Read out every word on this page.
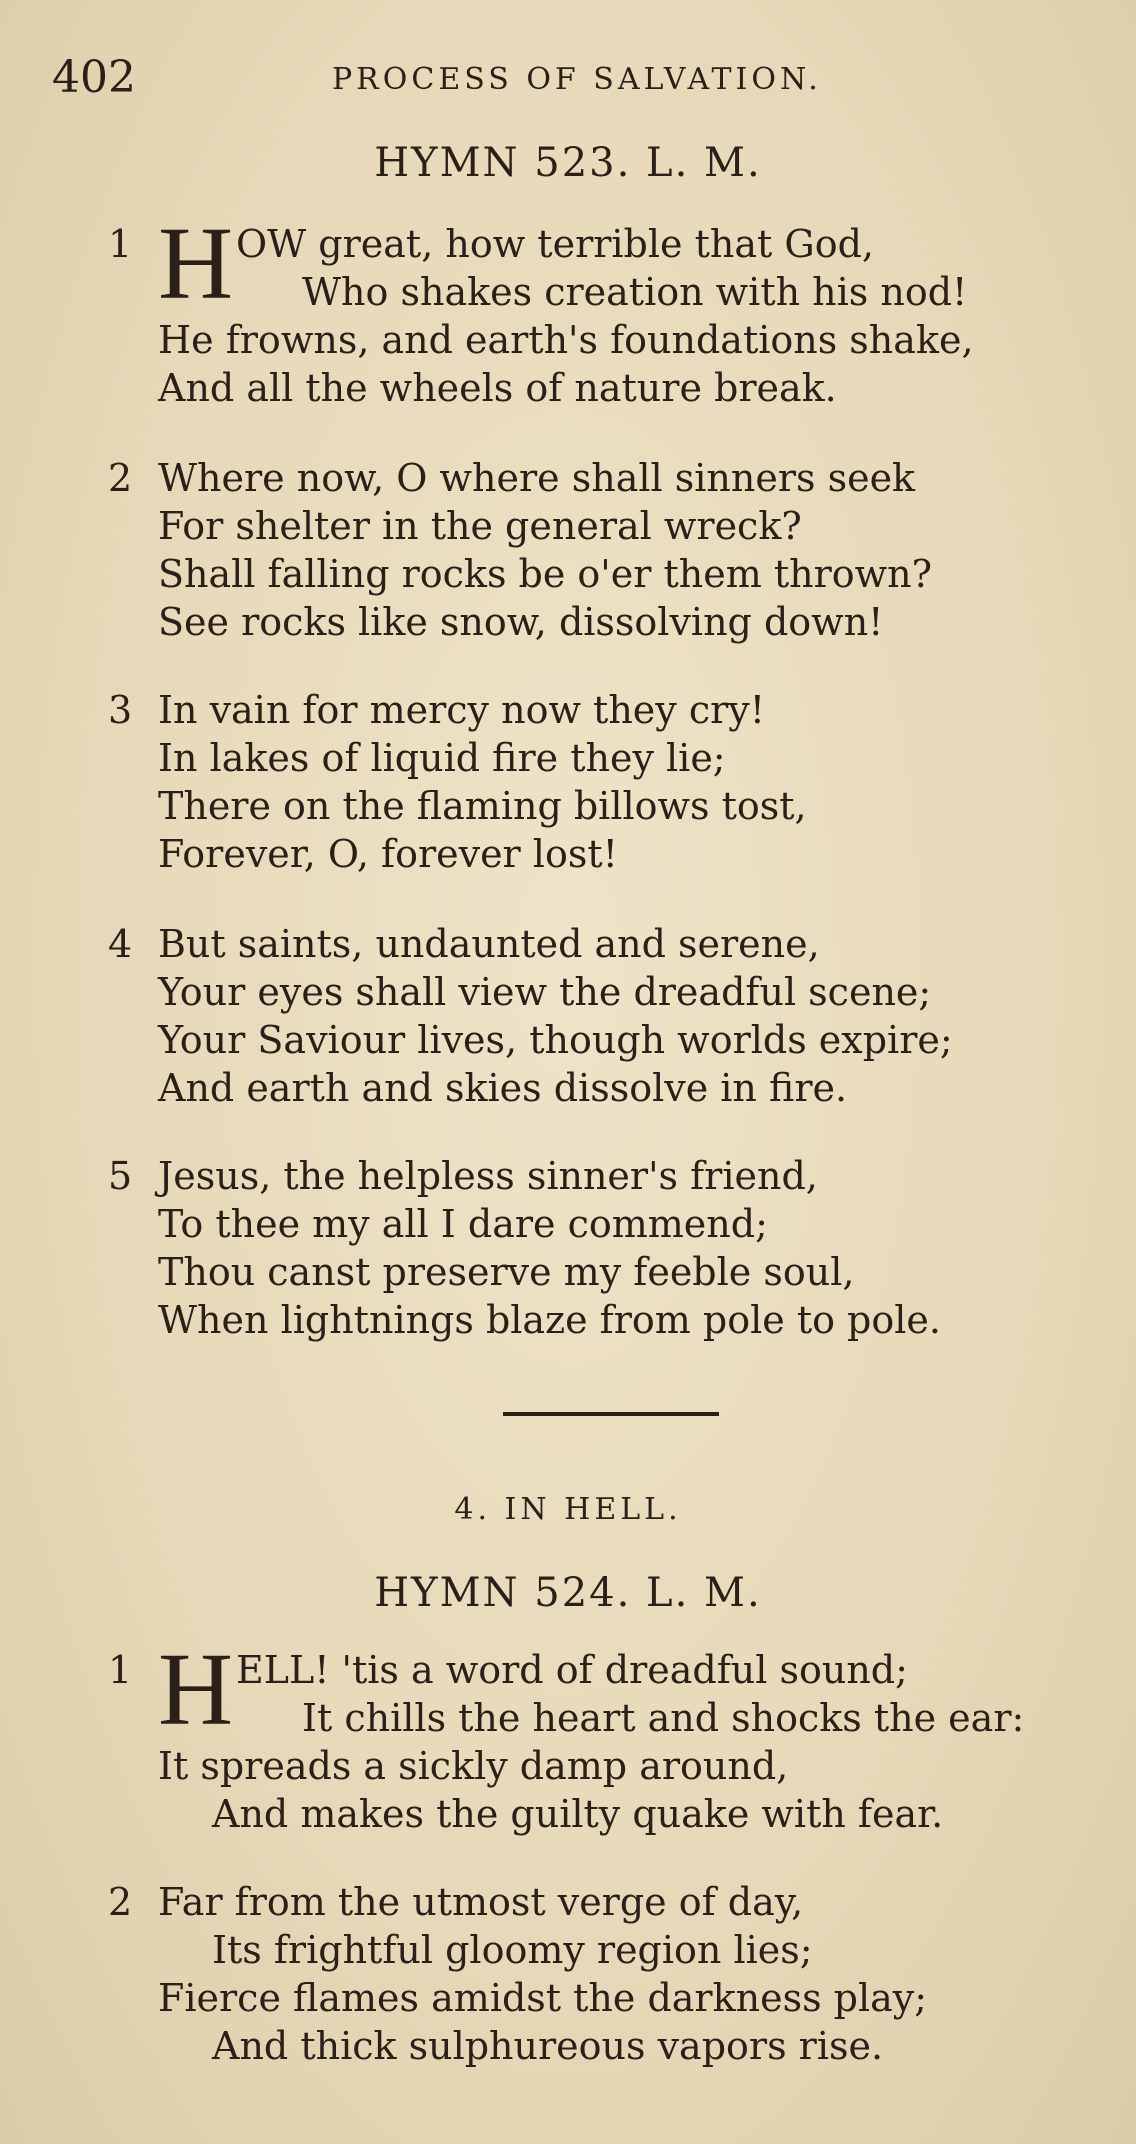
402	PROCESS OF SALVATION.
HYMN 523. L. M.
1 H OW great, how terrible that God,
Who shakes creation with his nod!
He frowns, and earth's foundations shake,
And all the wheels of nature break.
2 Where now, O where shall sinners seek
For shelter in the general wreck?
Shall falling rocks be o'er them thrown?
See rocks like snow, dissolving down!
3 In vain for mercy now they cry!
In lakes of liquid fire they lie;
There on the flaming billows tost,
Forever, O, forever lost!
4 But saints, undaunted and serene,
Your eyes shall view the dreadful scene;
Your Saviour lives, though worlds expire;
And earth and skies dissolve in fire.
5 Jesus, the helpless sinner's friend,
To thee my all I dare commend;
Thou canst preserve my feeble soul,
When lightnings blaze from pole to pole.
4. IN HELL.
HYMN 524. L. M.
1 H ELL! 'tis a word of dreadful sound;
It chills the heart and shocks the ear:
It spreads a sickly damp around,
And makes the guilty quake with fear.
2 Far from the utmost verge of day,
Its frightful gloomy region lies;
Fierce flames amidst the darkness play;
And thick sulphureous vapors rise.
